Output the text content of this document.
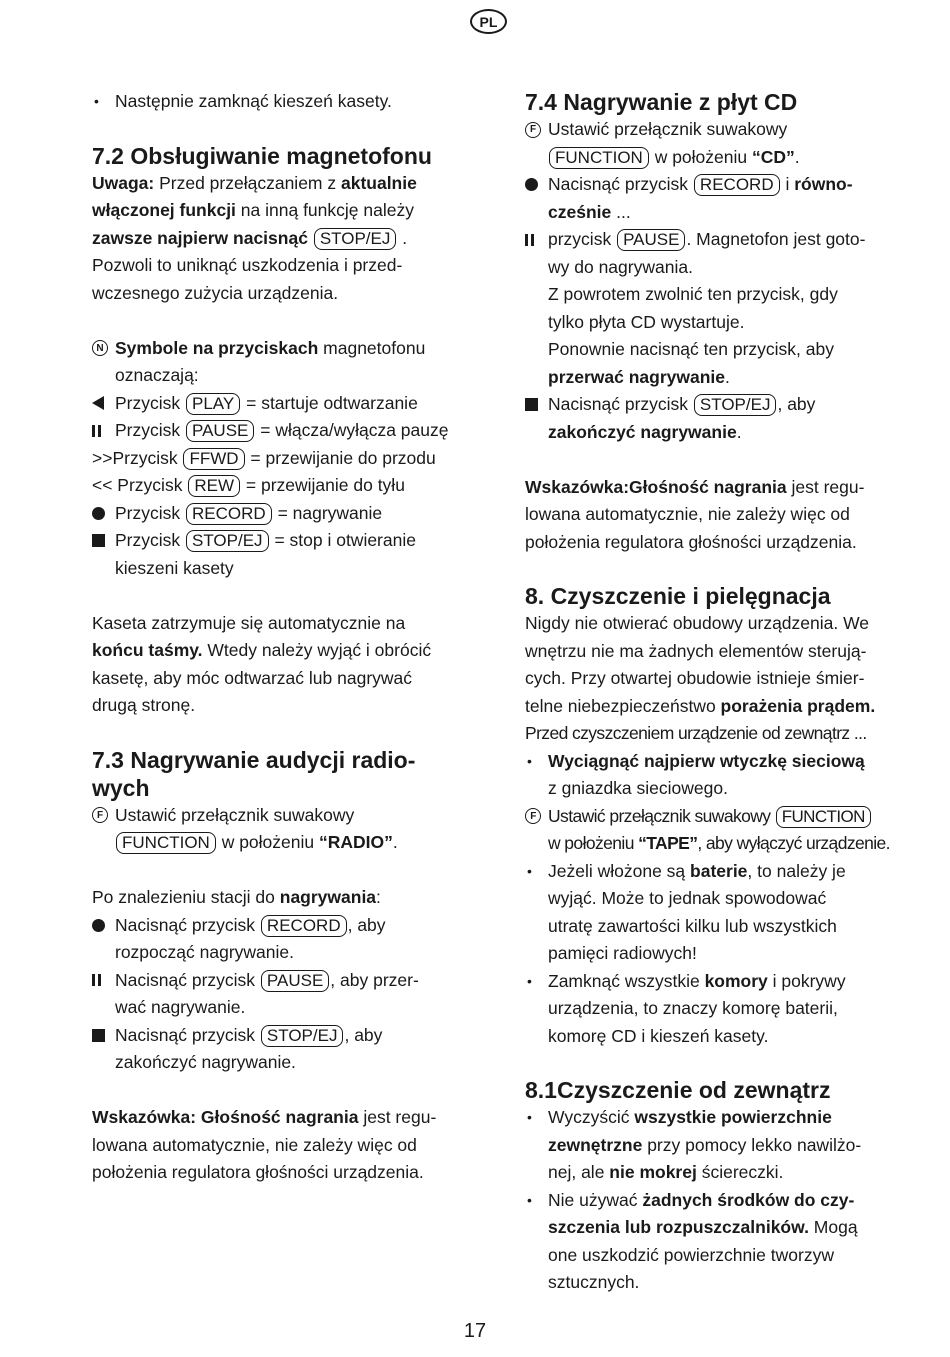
PL
• Następnie zamknąć kieszeń kasety.
7.2 Obsługiwanie magnetofonu

Uwaga: Przed przełączaniem z aktualnie
włączonej funkcji na inną funkcję należy
zawsze najpierw nacisnąć STOP/EJ .
Pozwoli to uniknąć uszkodzenia i przed-
wczesnego zużycia urządzenia.

N Symbole na przyciskach magnetofonu
oznaczają:
Przycisk PLAY = startuje odtwarzanie
Przycisk PAUSE = włącza/wyłącza pauzę
>>Przycisk FFWD = przewijanie do przodu
<< Przycisk REW = przewijanie do tyłu
Przycisk RECORD = nagrywanie
Przycisk STOP/EJ = stop i otwieranie
kieszeni kasety

Kaseta zatrzymuje się automatycznie na
końcu taśmy. Wtedy należy wyjąć i obrócić
kasetę, aby móc odtwarzać lub nagrywać
drugą stronę.

7.3 Nagrywanie audycji radio-
wych
F Ustawić przełącznik suwakowy
FUNCTION w położeniu “RADIO”.

Po znalezieniu stacji do nagrywania:

Nacisnąć przycisk RECORD , aby
rozpocząć nagrywanie.
Nacisnąć przycisk PAUSE , aby przer-
wać nagrywanie.
Nacisnąć przycisk STOP/EJ , aby
zakończyć nagrywanie.

Wskazówka: Głośność nagrania jest regu-
lowana automatycznie, nie zależy więc od
położenia regulatora głośności urządzenia.

7.4 Nagrywanie z płyt CD
F Ustawić przełącznik suwakowy
FUNCTION w położeniu “CD”.
Nacisnąć przycisk RECORD i równo-
cześnie ...
przycisk PAUSE . Magnetofon jest goto-
wy do nagrywania.
Z powrotem zwolnić ten przycisk, gdy
tylko płyta CD wystartuje.
Ponownie nacisnąć ten przycisk, aby
przerwać nagrywanie.
Nacisnąć przycisk STOP/EJ , aby
zakończyć nagrywanie.

Wskazówka:Głośność nagrania jest regu-
lowana automatycznie, nie zależy więc od
położenia regulatora głośności urządzenia.

8. Czyszczenie i pielęgnacja

Nigdy nie otwierać obudowy urządzenia. We
wnętrzu nie ma żadnych elementów sterują-
cych. Przy otwartej obudowie istnieje śmier-
telne niebezpieczeństwo porażenia prądem.
Przed czyszczeniem urządzenie od zewnątrz ...

• Wyciągnąć najpierw wtyczkę sieciową
z gniazdka sieciowego.
F Ustawić przełącznik suwakowy FUNCTION
w położeniu “TAPE”, aby wyłączyć urządzenie.
• Jeżeli włożone są baterie, to należy je
wyjąć. Może to jednak spowodować
utratę zawartości kilku lub wszystkich
pamięci radiowych!
• Zamknąć wszystkie komory i pokrywy
urządzenia, to znaczy komorę baterii,
komorę CD i kieszeń kasety.
8.1Czyszczenie od zewnątrz
• Wyczyścić wszystkie powierzchnie
zewnętrzne przy pomocy lekko nawilżo-
nej, ale nie mokrej ściereczki.
• Nie używać żadnych środków do czy-
szczenia lub rozpuszczalników. Mogą
one uszkodzić powierzchnie tworzyw
sztucznych.
17
